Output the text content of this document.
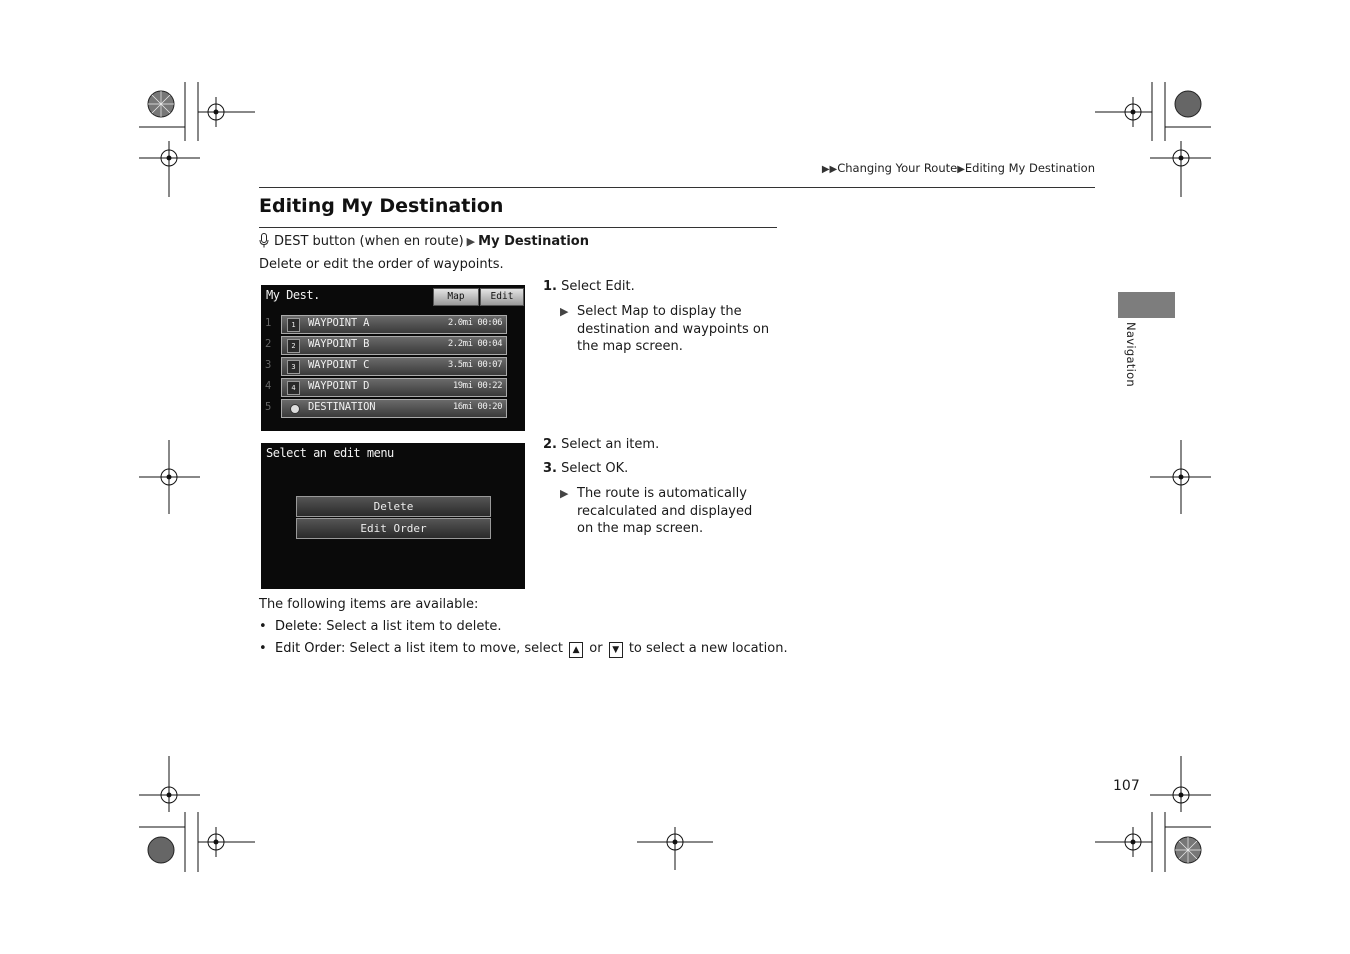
▶▶Changing Your Route▶Editing My Destination
Editing My Destination
DEST button (when en route) ▶ My Destination
Delete or edit the order of waypoints.
My Dest.	Map	Edit
1	1	WAYPOINT A	2.0mi 00:06
2	2	WAYPOINT B	2.2mi 00:04
3	3	WAYPOINT C	3.5mi 00:07
4	4	WAYPOINT D	19mi 00:22
5	DESTINATION	16mi 00:20
Select an edit menu
Delete
Edit Order
1. Select Edit.
▶ Select Map to display the destination and waypoints on the map screen.
2. Select an item.
3. Select OK.
▶ The route is automatically recalculated and displayed on the map screen.
The following items are available:
• Delete: Select a list item to delete.
• Edit Order: Select a list item to move, select ▲ or ▼ to select a new location.
Navigation
107
